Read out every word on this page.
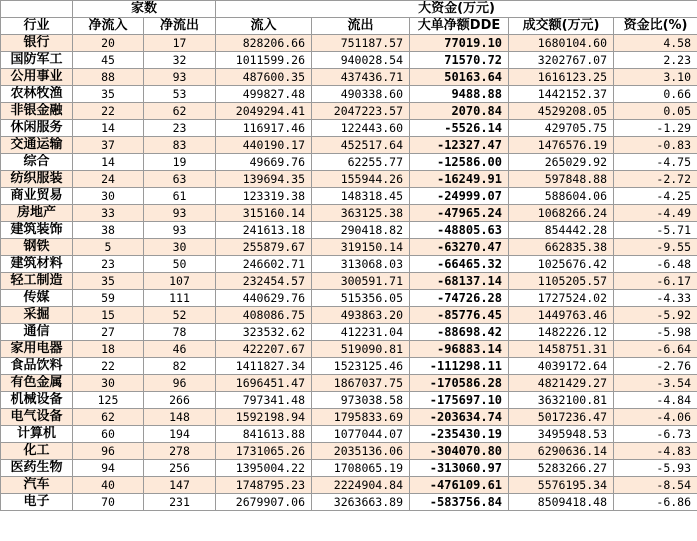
	家数		大资金(万元)				
行业	净流入	净流出	流入	流出	大单净额DDE	成交额(万元)	资金比(%)
银行	20	17	828206.66	751187.57	77019.10	1680104.60	4.58
国防军工	45	32	1011599.26	940028.54	71570.72	3202767.07	2.23
公用事业	88	93	487600.35	437436.71	50163.64	1616123.25	3.10
农林牧渔	35	53	499827.48	490338.60	9488.88	1442152.37	0.66
非银金融	22	62	2049294.41	2047223.57	2070.84	4529208.05	0.05
休闲服务	14	23	116917.46	122443.60	-5526.14	429705.75	-1.29
交通运输	37	83	440190.17	452517.64	-12327.47	1476576.19	-0.83
综合	14	19	49669.76	62255.77	-12586.00	265029.92	-4.75
纺织服装	24	63	139694.35	155944.26	-16249.91	597848.88	-2.72
商业贸易	30	61	123319.38	148318.45	-24999.07	588604.06	-4.25
房地产	33	93	315160.14	363125.38	-47965.24	1068266.24	-4.49
建筑装饰	38	93	241613.18	290418.82	-48805.63	854442.28	-5.71
钢铁	5	30	255879.67	319150.14	-63270.47	662835.38	-9.55
建筑材料	23	50	246602.71	313068.03	-66465.32	1025676.42	-6.48
轻工制造	35	107	232454.57	300591.71	-68137.14	1105205.57	-6.17
传媒	59	111	440629.76	515356.05	-74726.28	1727524.02	-4.33
采掘	15	52	408086.75	493863.20	-85776.45	1449763.46	-5.92
通信	27	78	323532.62	412231.04	-88698.42	1482226.12	-5.98
家用电器	18	46	422207.67	519090.81	-96883.14	1458751.31	-6.64
食品饮料	22	82	1411827.34	1523125.46	-111298.11	4039172.64	-2.76
有色金属	30	96	1696451.47	1867037.75	-170586.28	4821429.27	-3.54
机械设备	125	266	797341.48	973038.58	-175697.10	3632100.81	-4.84
电气设备	62	148	1592198.94	1795833.69	-203634.74	5017236.47	-4.06
计算机	60	194	841613.88	1077044.07	-235430.19	3495948.53	-6.73
化工	96	278	1731065.26	2035136.06	-304070.80	6290636.14	-4.83
医药生物	94	256	1395004.22	1708065.19	-313060.97	5283266.27	-5.93
汽车	40	147	1748795.23	2224904.84	-476109.61	5576195.34	-8.54
电子	70	231	2679907.06	3263663.89	-583756.84	8509418.48	-6.86
